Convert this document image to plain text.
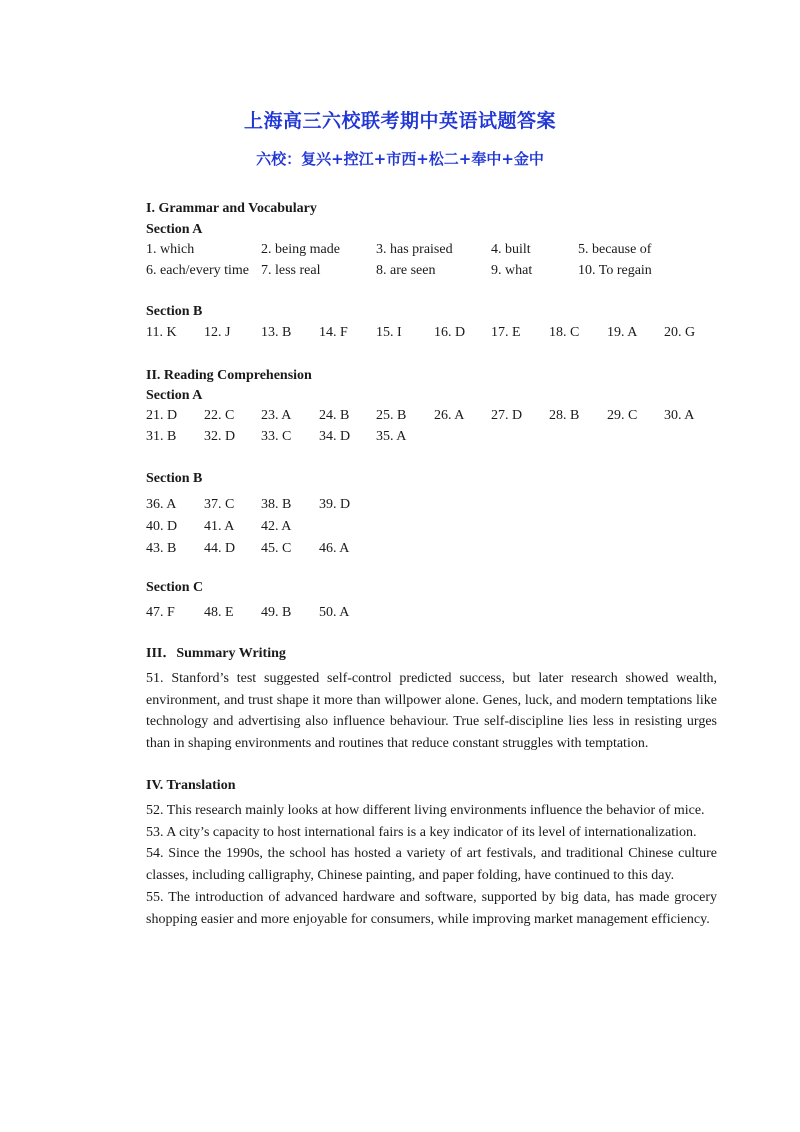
上海高三六校联考期中英语试题答案
六校：复兴+控江+市西+松二+奉中+金中
I. Grammar and Vocabulary
Section A
1. which	2. being made	3. has praised	4. built	5. because of
6. each/every time 7. less real	8. are seen	9. what	10. To regain
Section B
11. K 12. J 13. B 14. F 15. I 16. D 17. E 18. C 19. A 20. G
II. Reading Comprehension
Section A
21. D 22. C 23. A 24. B 25. B 26. A 27. D 28. B 29. C 30. A
31. B 32. D 33. C 34. D 35. A
Section B
36. A 37. C 38. B 39. D
40. D 41. A 42. A
43. B 44. D 45. C 46. A
Section C
47. F 48. E 49. B 50. A
III．Summary Writing

51. Stanford’s test suggested self-control predicted success, but later research showed wealth, environment, and trust shape it more than willpower alone. Genes, luck, and modern temptations like technology and advertising also influence behaviour. True self-discipline lies less in resisting urges than in shaping environments and routines that reduce constant struggles with temptation.

IV. Translation

52. This research mainly looks at how different living environments influence the behavior of mice.

53. A city’s capacity to host international fairs is a key indicator of its level of internationalization.

54. Since the 1990s, the school has hosted a variety of art festivals, and traditional Chinese culture classes, including calligraphy, Chinese painting, and paper folding, have continued to this day.

55. The introduction of advanced hardware and software, supported by big data, has made grocery shopping easier and more enjoyable for consumers, while improving market management efficiency.
